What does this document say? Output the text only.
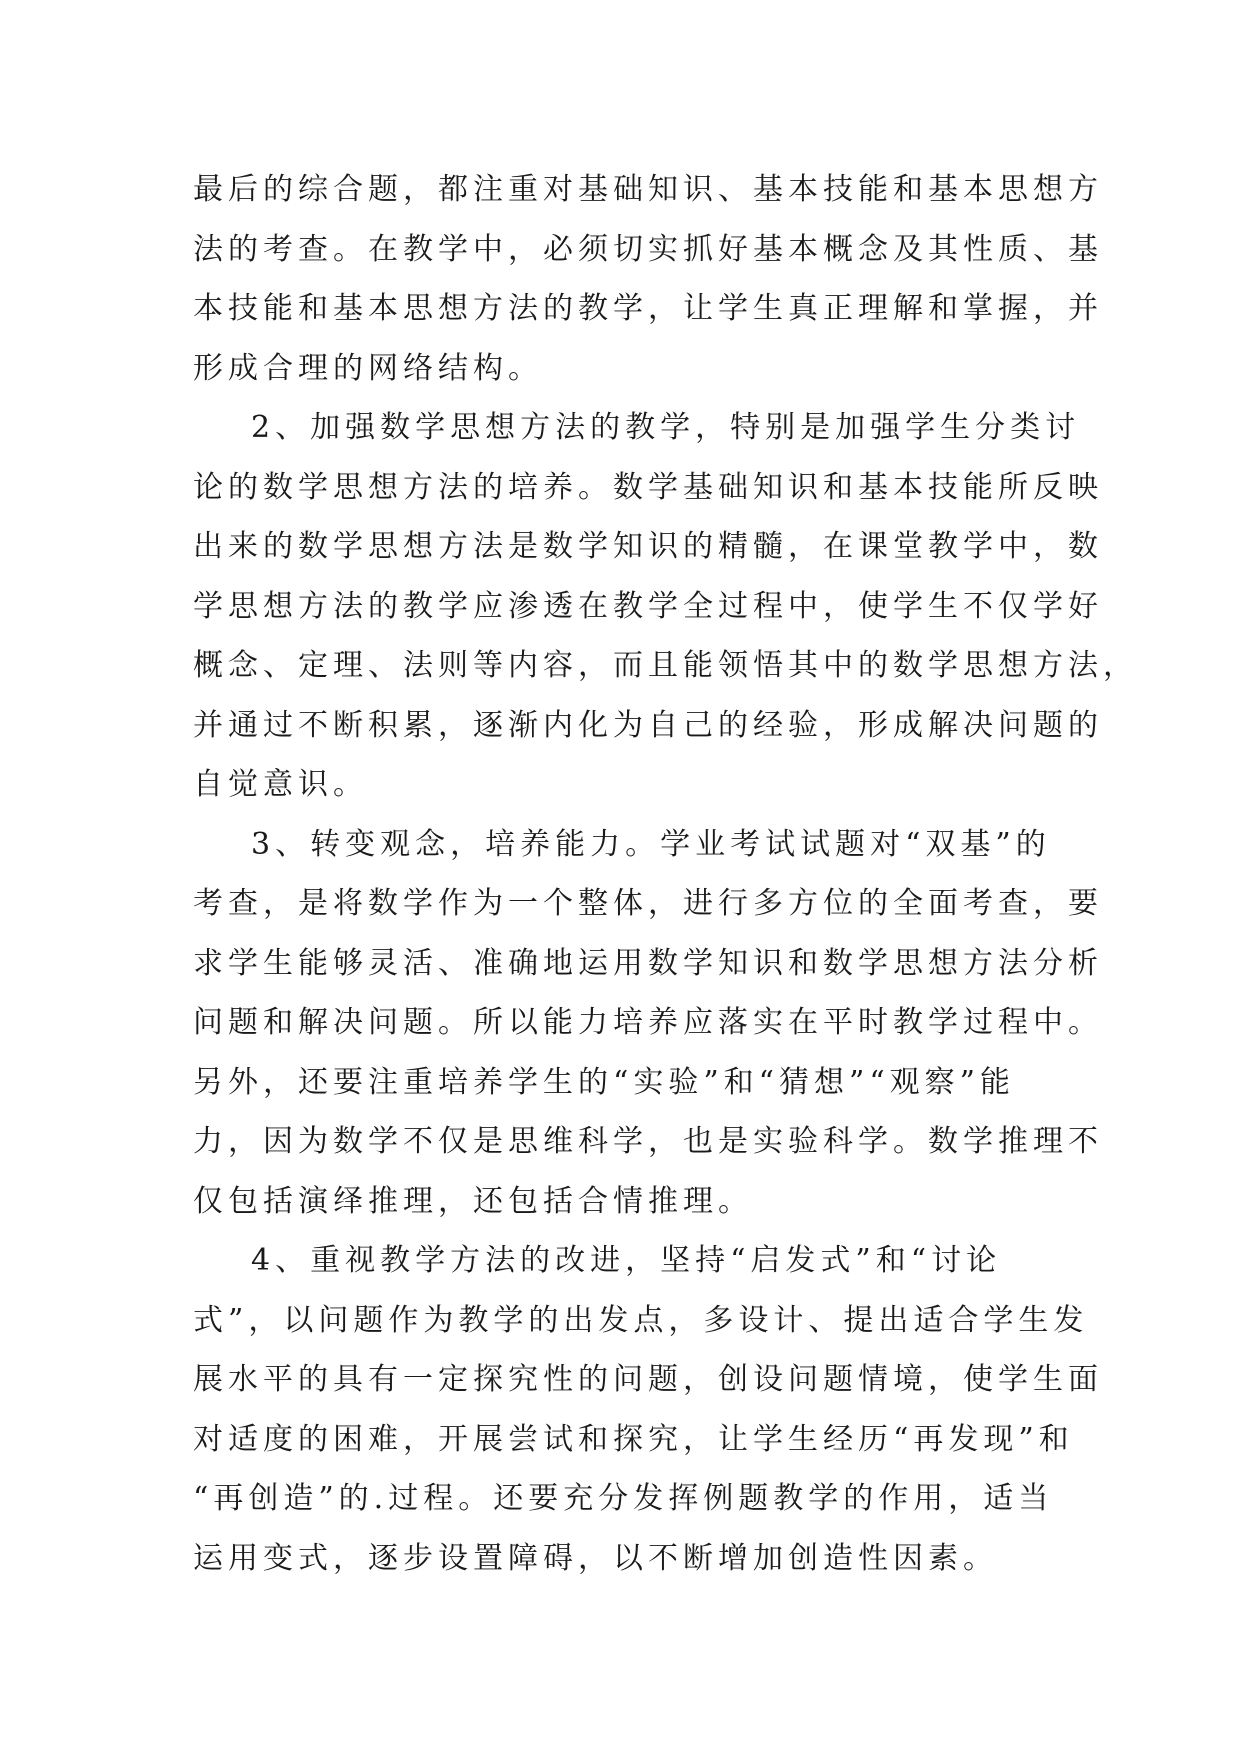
最后的综合题，都注重对基础知识、基本技能和基本思想方
法的考查。在教学中，必须切实抓好基本概念及其性质、基
本技能和基本思想方法的教学，让学生真正理解和掌握，并
形成合理的网络结构。

2、加强数学思想方法的教学，特别是加强学生分类讨
论的数学思想方法的培养。数学基础知识和基本技能所反映
出来的数学思想方法是数学知识的精髓，在课堂教学中，数
学思想方法的教学应渗透在教学全过程中，使学生不仅学好
概念、定理、法则等内容，而且能领悟其中的数学思想方法，
并通过不断积累，逐渐内化为自己的经验，形成解决问题的
自觉意识。

3、转变观念，培养能力。学业考试试题对“双基”的
考查，是将数学作为一个整体，进行多方位的全面考查，要
求学生能够灵活、准确地运用数学知识和数学思想方法分析
问题和解决问题。所以能力培养应落实在平时教学过程中。
另外，还要注重培养学生的“实验”和“猜想”“观察”能
力，因为数学不仅是思维科学，也是实验科学。数学推理不
仅包括演绎推理，还包括合情推理。

4、重视教学方法的改进，坚持“启发式”和“讨论
式”，以问题作为教学的出发点，多设计、提出适合学生发
展水平的具有一定探究性的问题，创设问题情境，使学生面
对适度的困难，开展尝试和探究，让学生经历“再发现”和
“再创造”的.过程。还要充分发挥例题教学的作用，适当
运用变式，逐步设置障碍，以不断增加创造性因素。
